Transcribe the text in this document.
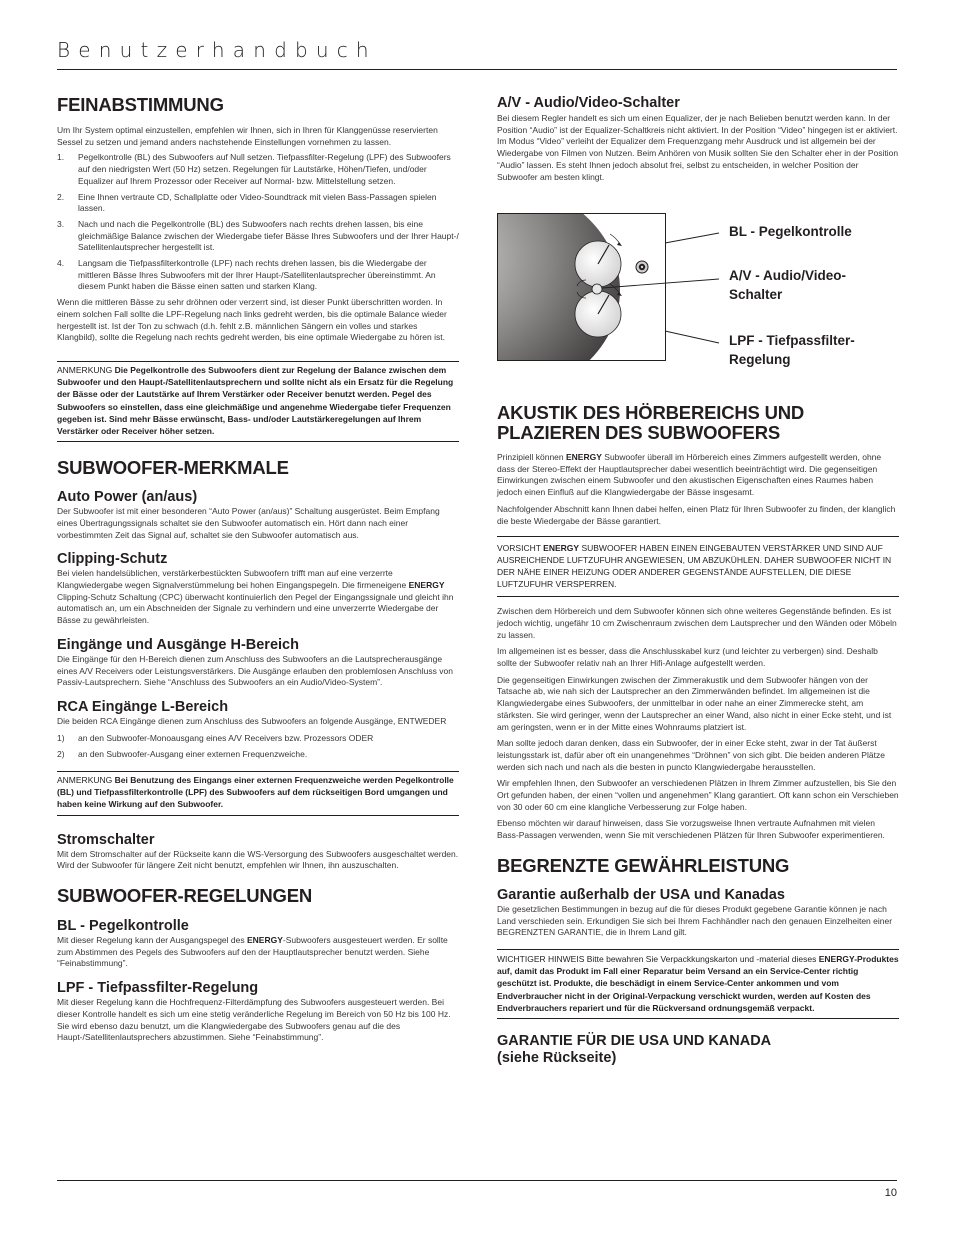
Benutzerhandbuch
FEINABSTIMMUNG

Um Ihr System optimal einzustellen, empfehlen wir Ihnen, sich in Ihren für Klanggenüsse reservierten Sessel zu setzen und jemand anders nachstehende Einstellungen vornehmen zu lassen.

1. Pegelkontrolle (BL) des Subwoofers auf Null setzen. Tiefpassfilter-Regelung (LPF) des Subwoofers auf den niedrigsten Wert (50 Hz) setzen. Regelungen für Lautstärke, Höhen/Tiefen, und/oder Equalizer auf Ihrem Prozessor oder Receiver auf Normal- bzw. Mittelstellung setzen.
2. Eine Ihnen vertraute CD, Schallplatte oder Video-Soundtrack mit vielen Bass-Passagen spielen lassen.
3. Nach und nach die Pegelkontrolle (BL) des Subwoofers nach rechts drehen lassen, bis eine gleichmäßige Balance zwischen der Wiedergabe tiefer Bässe Ihres Subwoofers und der Ihrer Haupt-/ Satellitenlautsprecher hergestellt ist.
4. Langsam die Tiefpassfilterkontrolle (LPF) nach rechts drehen lassen, bis die Wiedergabe der mittleren Bässe Ihres Subwoofers mit der Ihrer Haupt-/Satellitenlautsprecher übereinstimmt. An diesem Punkt haben die Bässe einen satten und starken Klang.

Wenn die mittleren Bässe zu sehr dröhnen oder verzerrt sind, ist dieser Punkt überschritten worden. In einem solchen Fall sollte die LPF-Regelung nach links gedreht werden, bis die optimale Balance wieder hergestellt ist. Ist der Ton zu schwach (d.h. fehlt z.B. männlichen Sängern ein volles und starkes Klangbild), sollte die Regelung nach rechts gedreht werden, bis eine optimale Wiedergabe zu hören ist.

ANMERKUNG Die Pegelkontrolle des Subwoofers dient zur Regelung der Balance zwischen dem Subwoofer und den Haupt-/Satellitenlautsprechern und sollte nicht als ein Ersatz für die Regelung der Bässe oder der Lautstärke auf Ihrem Verstärker oder Receiver benutzt werden. Pegel des Subwoofers so einstellen, dass eine gleichmäßige und angenehme Wiedergabe tiefer Frequenzen gegeben ist. Sind mehr Bässe erwünscht, Bass- und/oder Lautstärkeregelungen auf Ihrem Verstärker oder Receiver höher setzen.

SUBWOOFER-MERKMALE
Auto Power (an/aus)

Der Subwoofer ist mit einer besonderen “Auto Power (an/aus)” Schaltung ausgerüstet. Beim Empfang eines Übertragungssignals schaltet sie den Subwoofer automatisch ein. Hört dann nach einer vorbestimmten Zeit das Signal auf, schaltet sie den Subwoofer automatisch aus.

Clipping-Schutz

Bei vielen handelsüblichen, verstärkerbestückten Subwoofern trifft man auf eine verzerrte Klangwiedergabe wegen Signalverstümmelung bei hohen Eingangspegeln. Die firmeneigene ENERGY Clipping-Schutz Schaltung (CPC) überwacht kontinuierlich den Pegel der Eingangssignale und gleicht ihn automatisch an, um ein Abschneiden der Signale zu verhindern und eine unverzerrte Wiedergabe der Bässe zu gewährleisten.

Eingänge und Ausgänge H-Bereich

Die Eingänge für den H-Bereich dienen zum Anschluss des Subwoofers an die Lautsprecherausgänge eines A/V Receivers oder Leistungsverstärkers. Die Ausgänge erlauben den problemlosen Anschluss von Passiv-Lautsprechern. Siehe “Anschluss des Subwoofers an ein Audio/Video-System”.

RCA Eingänge L-Bereich

Die beiden RCA Eingänge dienen zum Anschluss des Subwoofers an folgende Ausgänge, ENTWEDER

1) an den Subwoofer-Monoausgang eines A/V Receivers bzw. Prozessors ODER
2) an den Subwoofer-Ausgang einer externen Frequenzweiche.

ANMERKUNG Bei Benutzung des Eingangs einer externen Frequenzweiche werden Pegelkontrolle (BL) und Tiefpassfilterkontrolle (LPF) des Subwoofers auf dem rückseitigen Bord umgangen und haben keine Wirkung auf den Subwoofer.

Stromschalter

Mit dem Stromschalter auf der Rückseite kann die WS-Versorgung des Subwoofers ausgeschaltet werden. Wird der Subwoofer für längere Zeit nicht benutzt, empfehlen wir Ihnen, ihn auszuschalten.

SUBWOOFER-REGELUNGEN
BL - Pegelkontrolle

Mit dieser Regelung kann der Ausgangspegel des ENERGY-Subwoofers ausgesteuert werden. Er sollte zum Abstimmen des Pegels des Subwoofers auf den der Hauptlautsprecher benutzt werden. Siehe “Feinabstimmung”.

LPF - Tiefpassfilter-Regelung

Mit dieser Regelung kann die Hochfrequenz-Filterdämpfung des Subwoofers ausgesteuert werden. Bei dieser Kontrolle handelt es sich um eine stetig veränderliche Regelung im Bereich von 50 Hz bis 100 Hz. Sie wird ebenso dazu benutzt, um die Klangwiedergabe des Subwoofers genau auf die des Haupt-/Satellitenlautsprechers abzustimmen. Siehe “Feinabstimmung”.

A/V - Audio/Video-Schalter

Bei diesem Regler handelt es sich um einen Equalizer, der je nach Belieben benutzt werden kann. In der Position “Audio” ist der Equalizer-Schaltkreis nicht aktiviert. In der Position “Video” hingegen ist er aktiviert. Im Modus “Video” verleiht der Equalizer dem Frequenzgang mehr Ausdruck und ist allgemein bei der Wiedergabe von Filmen von Nutzen. Beim Anhören von Musik sollten Sie den Schalter eher in der Position “Audio” lassen. Es steht Ihnen jedoch absolut frei, selbst zu entscheiden, in welcher Position der Subwoofer am besten klingt.

BL - Pegelkontrolle
A/V - Audio/Video-
Schalter
LPF - Tiefpassfilter-
Regelung
AKUSTIK DES HÖRBEREICHS UND
PLAZIEREN DES SUBWOOFERS

Prinzipiell können ENERGY Subwoofer überall im Hörbereich eines Zimmers aufgestellt werden, ohne dass der Stereo-Effekt der Hauptlautsprecher dabei wesentlich beeinträchtigt wird. Die gegenseitigen Einwirkungen zwischen einem Subwoofer und den akustischen Eigenschaften eines Raumes haben jedoch einen Einfluß auf die Klangwiedergabe der Bässe insgesamt.

Nachfolgender Abschnitt kann Ihnen dabei helfen, einen Platz für Ihren Subwoofer zu finden, der klanglich die beste Wiedergabe der Bässe garantiert.

VORSICHT ENERGY SUBWOOFER HABEN EINEN EINGEBAUTEN VERSTÄRKER UND SIND AUF AUSREICHENDE LUFTZUFUHR ANGEWIESEN, UM ABZUKÜHLEN. DAHER SUBWOOFER NICHT IN DER NÄHE EINER HEIZUNG ODER ANDERER GEGENSTÄNDE AUFSTELLEN, DIE DIESE LUFTZUFUHR VERSPERREN.

Zwischen dem Hörbereich und dem Subwoofer können sich ohne weiteres Gegenstände befinden. Es ist jedoch wichtig, ungefähr 10 cm Zwischenraum zwischen dem Lautsprecher und den Wänden oder Möbeln zu lassen.

Im allgemeinen ist es besser, dass die Anschlusskabel kurz (und leichter zu verbergen) sind. Deshalb sollte der Subwoofer relativ nah an Ihrer Hifi-Anlage aufgestellt werden.

Die gegenseitigen Einwirkungen zwischen der Zimmerakustik und dem Subwoofer hängen von der Tatsache ab, wie nah sich der Lautsprecher an den Zimmerwänden befindet. Im allgemeinen ist die Klangwiedergabe eines Subwoofers, der unmittelbar in oder nahe an einer Zimmerecke steht, am stärksten. Sie wird geringer, wenn der Lautsprecher an einer Wand, also nicht in einer Ecke steht, und ist am geringsten, wenn er in der Mitte eines Wohnraums platziert ist.

Man sollte jedoch daran denken, dass ein Subwoofer, der in einer Ecke steht, zwar in der Tat äußerst leistungsstark ist, dafür aber oft ein unangenehmes “Dröhnen” von sich gibt. Die beiden anderen Plätze werden sich nach und nach als die besten in puncto Klangwiedergabe herausstellen.

Wir empfehlen Ihnen, den Subwoofer an verschiedenen Plätzen in Ihrem Zimmer aufzustellen, bis Sie den Ort gefunden haben, der einen “vollen und angenehmen” Klang garantiert. Oft kann schon ein Verschieben von 30 oder 60 cm eine klangliche Verbesserung zur Folge haben.

Ebenso möchten wir darauf hinweisen, dass Sie vorzugsweise Ihnen vertraute Aufnahmen mit vielen Bass-Passagen verwenden, wenn Sie mit verschiedenen Plätzen für Ihren Subwoofer experimentieren.

BEGRENZTE GEWÄHRLEISTUNG
Garantie außerhalb der USA und Kanadas

Die gesetzlichen Bestimmungen in bezug auf die für dieses Produkt gegebene Garantie können je nach Land verschieden sein. Erkundigen Sie sich bei Ihrem Fachhändler nach den genauen Einzelheiten einer BEGRENZTEN GARANTIE, die in Ihrem Land gilt.

WICHTIGER HINWEIS Bitte bewahren Sie Verpackkungskarton und -material dieses ENERGY-Produktes auf, damit das Produkt im Fall einer Reparatur beim Versand an ein Service-Center richtig geschützt ist. Produkte, die beschädigt in einem Service-Center ankommen und vom Endverbraucher nicht in der Original-Verpackung verschickt wurden, werden auf Kosten des Endverbrauchers repariert und für die Rückversand ordnungsgemäß verpackt.

GARANTIE FÜR DIE USA UND KANADA
(siehe Rückseite)
10
